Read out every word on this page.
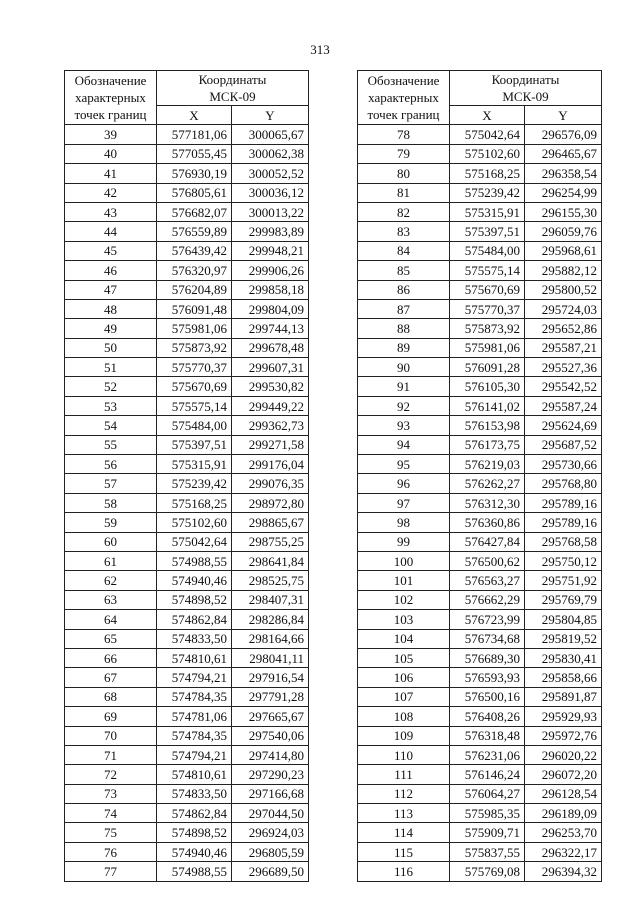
313
Обозначение
характерных
точек границ	Координаты
МСК-09	

	X	Y
39	577181,06	300065,67
40	577055,45	300062,38
41	576930,19	300052,52
42	576805,61	300036,12
43	576682,07	300013,22
44	576559,89	299983,89
45	576439,42	299948,21
46	576320,97	299906,26
47	576204,89	299858,18
48	576091,48	299804,09
49	575981,06	299744,13
50	575873,92	299678,48
51	575770,37	299607,31
52	575670,69	299530,82
53	575575,14	299449,22
54	575484,00	299362,73
55	575397,51	299271,58
56	575315,91	299176,04
57	575239,42	299076,35
58	575168,25	298972,80
59	575102,60	298865,67
60	575042,64	298755,25
61	574988,55	298641,84
62	574940,46	298525,75
63	574898,52	298407,31
64	574862,84	298286,84
65	574833,50	298164,66
66	574810,61	298041,11
67	574794,21	297916,54
68	574784,35	297791,28
69	574781,06	297665,67
70	574784,35	297540,06
71	574794,21	297414,80
72	574810,61	297290,23
73	574833,50	297166,68
74	574862,84	297044,50
75	574898,52	296924,03
76	574940,46	296805,59
77	574988,55	296689,50
Обозначение
характерных
точек границ	Координаты
МСК-09	

	X	Y
78	575042,64	296576,09
79	575102,60	296465,67
80	575168,25	296358,54
81	575239,42	296254,99
82	575315,91	296155,30
83	575397,51	296059,76
84	575484,00	295968,61
85	575575,14	295882,12
86	575670,69	295800,52
87	575770,37	295724,03
88	575873,92	295652,86
89	575981,06	295587,21
90	576091,28	295527,36
91	576105,30	295542,52
92	576141,02	295587,24
93	576153,98	295624,69
94	576173,75	295687,52
95	576219,03	295730,66
96	576262,27	295768,80
97	576312,30	295789,16
98	576360,86	295789,16
99	576427,84	295768,58
100	576500,62	295750,12
101	576563,27	295751,92
102	576662,29	295769,79
103	576723,99	295804,85
104	576734,68	295819,52
105	576689,30	295830,41
106	576593,93	295858,66
107	576500,16	295891,87
108	576408,26	295929,93
109	576318,48	295972,76
110	576231,06	296020,22
111	576146,24	296072,20
112	576064,27	296128,54
113	575985,35	296189,09
114	575909,71	296253,70
115	575837,55	296322,17
116	575769,08	296394,32
